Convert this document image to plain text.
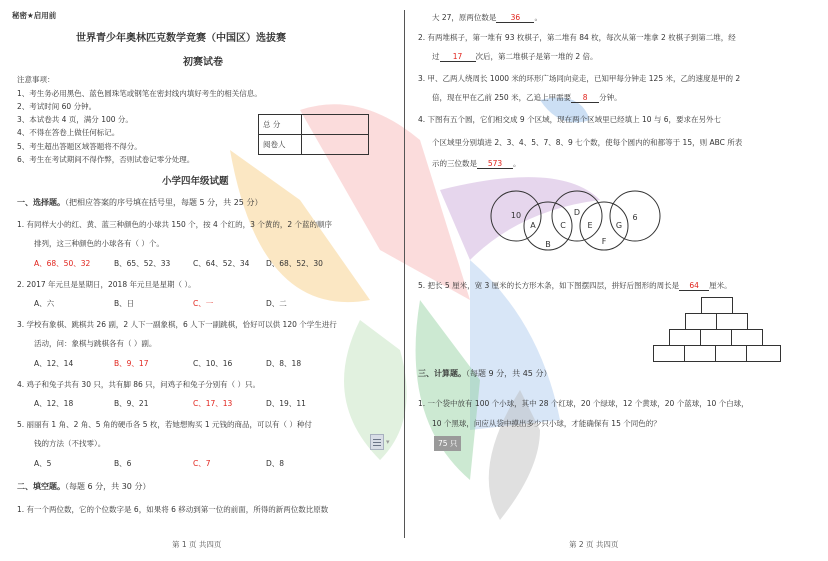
秘密★启用前
世界青少年奥林匹克数学竞赛（中国区）选拔赛
初赛试卷
注意事项：
1、考生务必用黑色、蓝色圆珠笔或钢笔在密封线内填好考生的相关信息。
2、考试时间 60 分钟。
3、本试卷共 4 页，满分 100 分。
4、不得在答卷上做任何标记。
5、考生超出答题区域答题将不得分。
6、考生在考试期间不得作弊，否则试卷记零分处理。
总 分	
阅卷人	
小学四年级试题
一、选择题。（把相应答案的序号填在括号里，每题 5 分，共 25 分）
1. 有同样大小的红、黄、蓝三种颜色的小球共 150 个，按 4 个红的，3 个黄的，2 个蓝的顺序
排列，这三种颜色的小球各有（ ）个。
A、68、50、32	B、65、52、33	C、64、52、34 D、68、52、30
2. 2017 年元旦是星期日，2018 年元旦是星期（ ）。
A、六	B、日	C、一	D、二
3. 学校有象棋、跳棋共 26 副，2 人下一副象棋，6 人下一副跳棋，恰好可以供 120 个学生进行
活动，问：象棋与跳棋各有（ ）副。
A、12、14	B、9、17	C、10、16	D、8、18
4. 鸡子和兔子共有 30 只，共有脚 86 只，问鸡子和兔子分别有（ ）只。
A、12、18	B、9、21	C、17、13	D、19、11
5. 丽丽有 1 角、2 角、5 角的硬币各 5 枚，若她想购买 1 元钱的商品，可以有（ ）种付
钱的方法（不找零）。
A、5	B、6	C、7	D、8
▾
二、填空题。（每题 6 分，共 30 分）
1. 有一个两位数，它的个位数字是 6，如果将 6 移动到第一位的前面，所得的新两位数比原数
第 1 页 共四页
大 27，原两位数是 36 。
2. 有两堆棋子，第一堆有 93 枚棋子，第二堆有 84 枚，每次从第一堆拿 2 枚棋子到第二堆，经
过 17 次后，第二堆棋子是第一堆的 2 倍。
3. 甲、乙两人绕周长 1000 米的环形广场同向竞走，已知甲每分钟走 125 米，乙的速度是甲的 2
倍，现在甲在乙前 250 米，乙追上甲需要 8 分钟。
4. 下图有五个圆，它们相交成 9 个区域，现在两个区域里已经填上 10 与 6，要求在另外七
个区域里分别填进 2、3、4、5、7、8、9 七个数，使每个圆内的和都等于 15，则 ABC 所表
示的三位数是 573 。
10
A
B
C
D
E
F
G
6
5. 把长 5 厘米，宽 3 厘米的长方形木条，如下图摆四层，拼好后图形的周长是 64 厘米。
三、计算题。（每题 9 分，共 45 分）
1. 一个袋中放有 100 个小球，其中 28 个红球，20 个绿球，12 个黄球，20 个蓝球，10 个白球，
10 个黑球，问应从袋中摸出多少只小球，才能确保有 15 个同色的？
75 只
第 2 页 共四页
